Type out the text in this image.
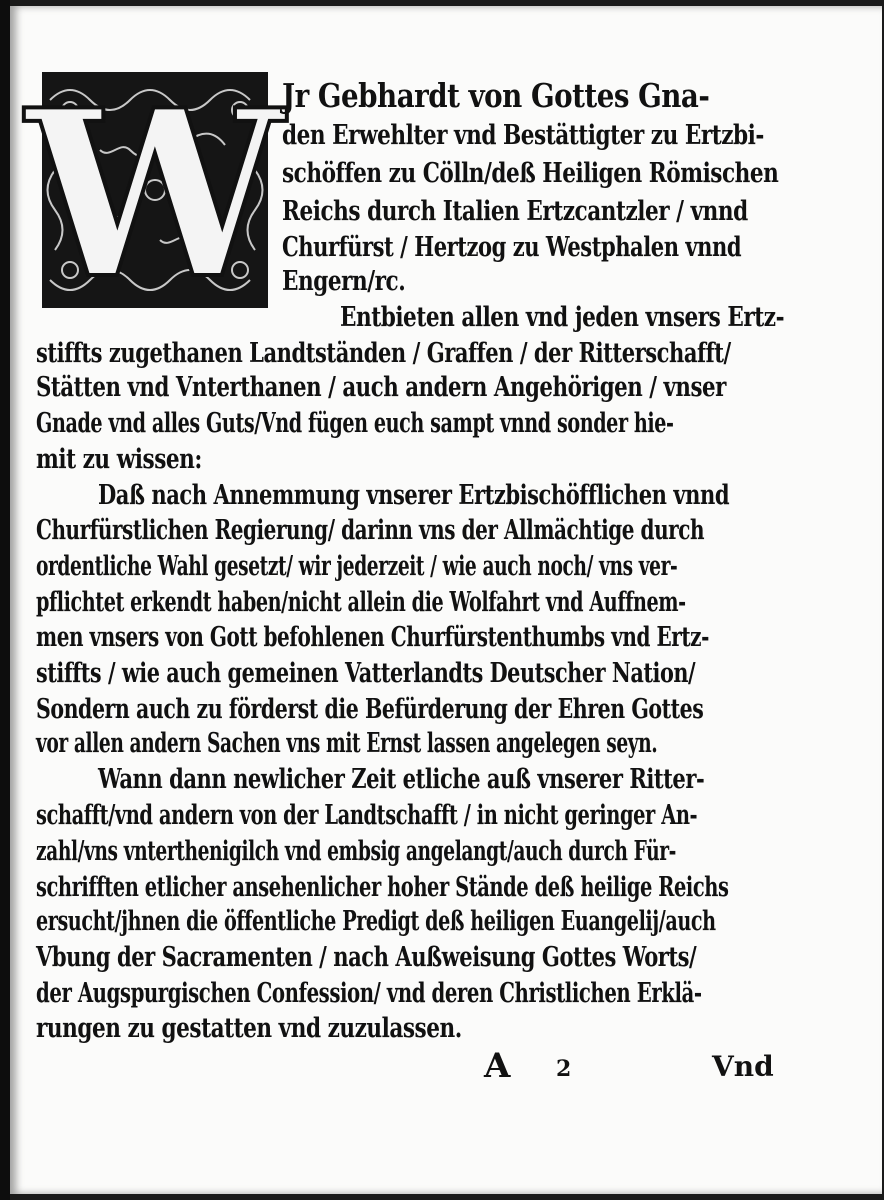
W
Jr Gebhardt von Gottes Gna-
den Erwehlter vnd Bestättigter zu Ertzbi-
schöffen zu Cölln/deß Heiligen Römischen
Reichs durch Italien Ertzcantzler / vnnd
Churfürst / Hertzog zu Westphalen vnnd
Engern/rc.
Entbieten allen vnd jeden vnsers Ertz-
stiffts zugethanen Landtständen / Graffen / der Ritterschafft/
Stätten vnd Vnterthanen / auch andern Angehörigen / vnser
Gnade vnd alles Guts/Vnd fügen euch sampt vnnd sonder hie-
mit zu wissen:
Daß nach Annemmung vnserer Ertzbischöfflichen vnnd
Churfürstlichen Regierung/ darinn vns der Allmächtige durch
ordentliche Wahl gesetzt/ wir jederzeit / wie auch noch/ vns ver-
pflichtet erkendt haben/nicht allein die Wolfahrt vnd Auffnem-
men vnsers von Gott befohlenen Churfürstenthumbs vnd Ertz-
stiffts / wie auch gemeinen Vatterlandts Deutscher Nation/
Sondern auch zu förderst die Befürderung der Ehren Gottes
vor allen andern Sachen vns mit Ernst lassen angelegen seyn.
Wann dann newlicher Zeit etliche auß vnserer Ritter-
schafft/vnd andern von der Landtschafft / in nicht geringer An-
zahl/vns vnterthenigilch vnd embsig angelangt/auch durch Für-
schrifften etlicher ansehenlicher hoher Stände deß heilige Reichs
ersucht/jhnen die öffentliche Predigt deß heiligen Euangelij/auch
Vbung der Sacramenten / nach Außweisung Gottes Worts/
der Augspurgischen Confession/ vnd deren Christlichen Erklä-
rungen zu gestatten vnd zuzulassen.
A 2	Vnd
